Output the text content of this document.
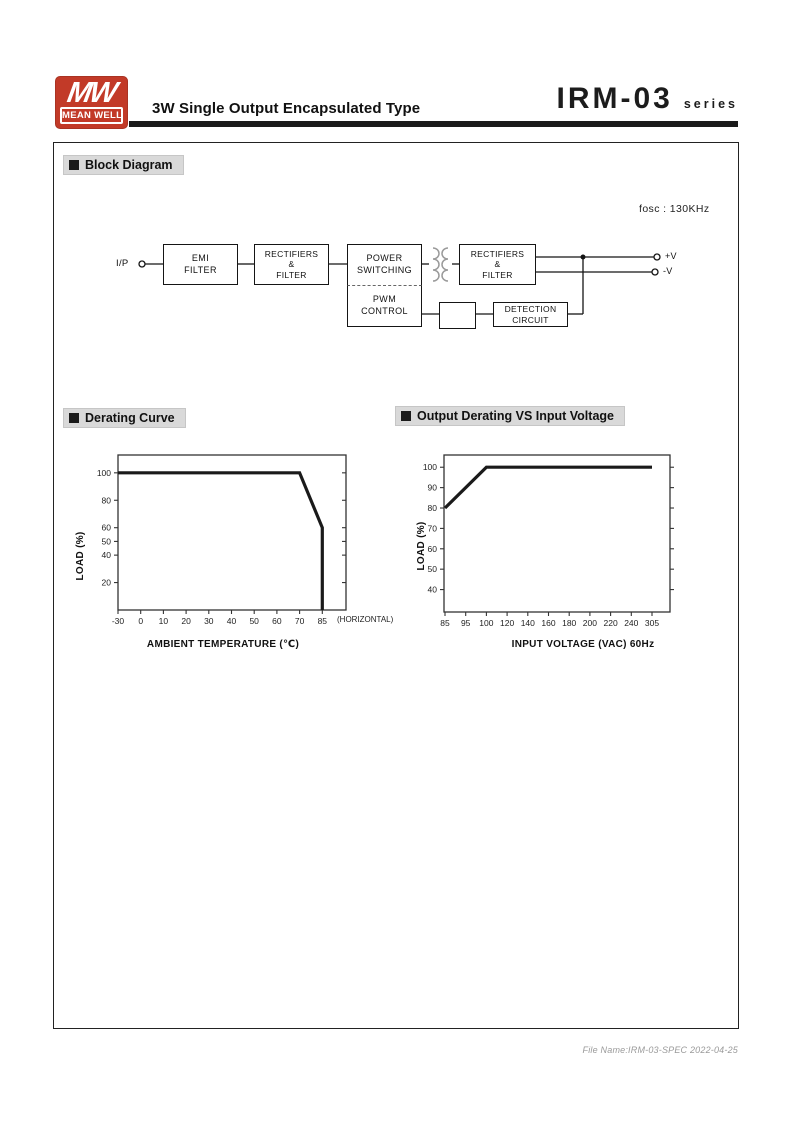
MW
MEAN WELL 3W Single Output Encapsulated Type	IRM-03 series
Block Diagram
fosc : 130KHz
EMI
FILTER
RECTIFIERS
&
FILTER
POWER
SWITCHING
PWM
CONTROL
RECTIFIERS
&
FILTER
DETECTION
CIRCUIT
I/P
+V
-V
Derating Curve	Output Derating VS Input Voltage
-30 0 10 20 30 40 50 60 70 85
20
40
50
60
80
100
AMBIENT TEMPERATURE (℃)
LOAD (%)
(HORIZONTAL)	85 95 100 120 140 160 180 200 220 240 305
40
50
60
70
80
90
100
INPUT VOLTAGE (VAC) 60Hz
LOAD (%)
File Name:IRM-03-SPEC 2022-04-25
